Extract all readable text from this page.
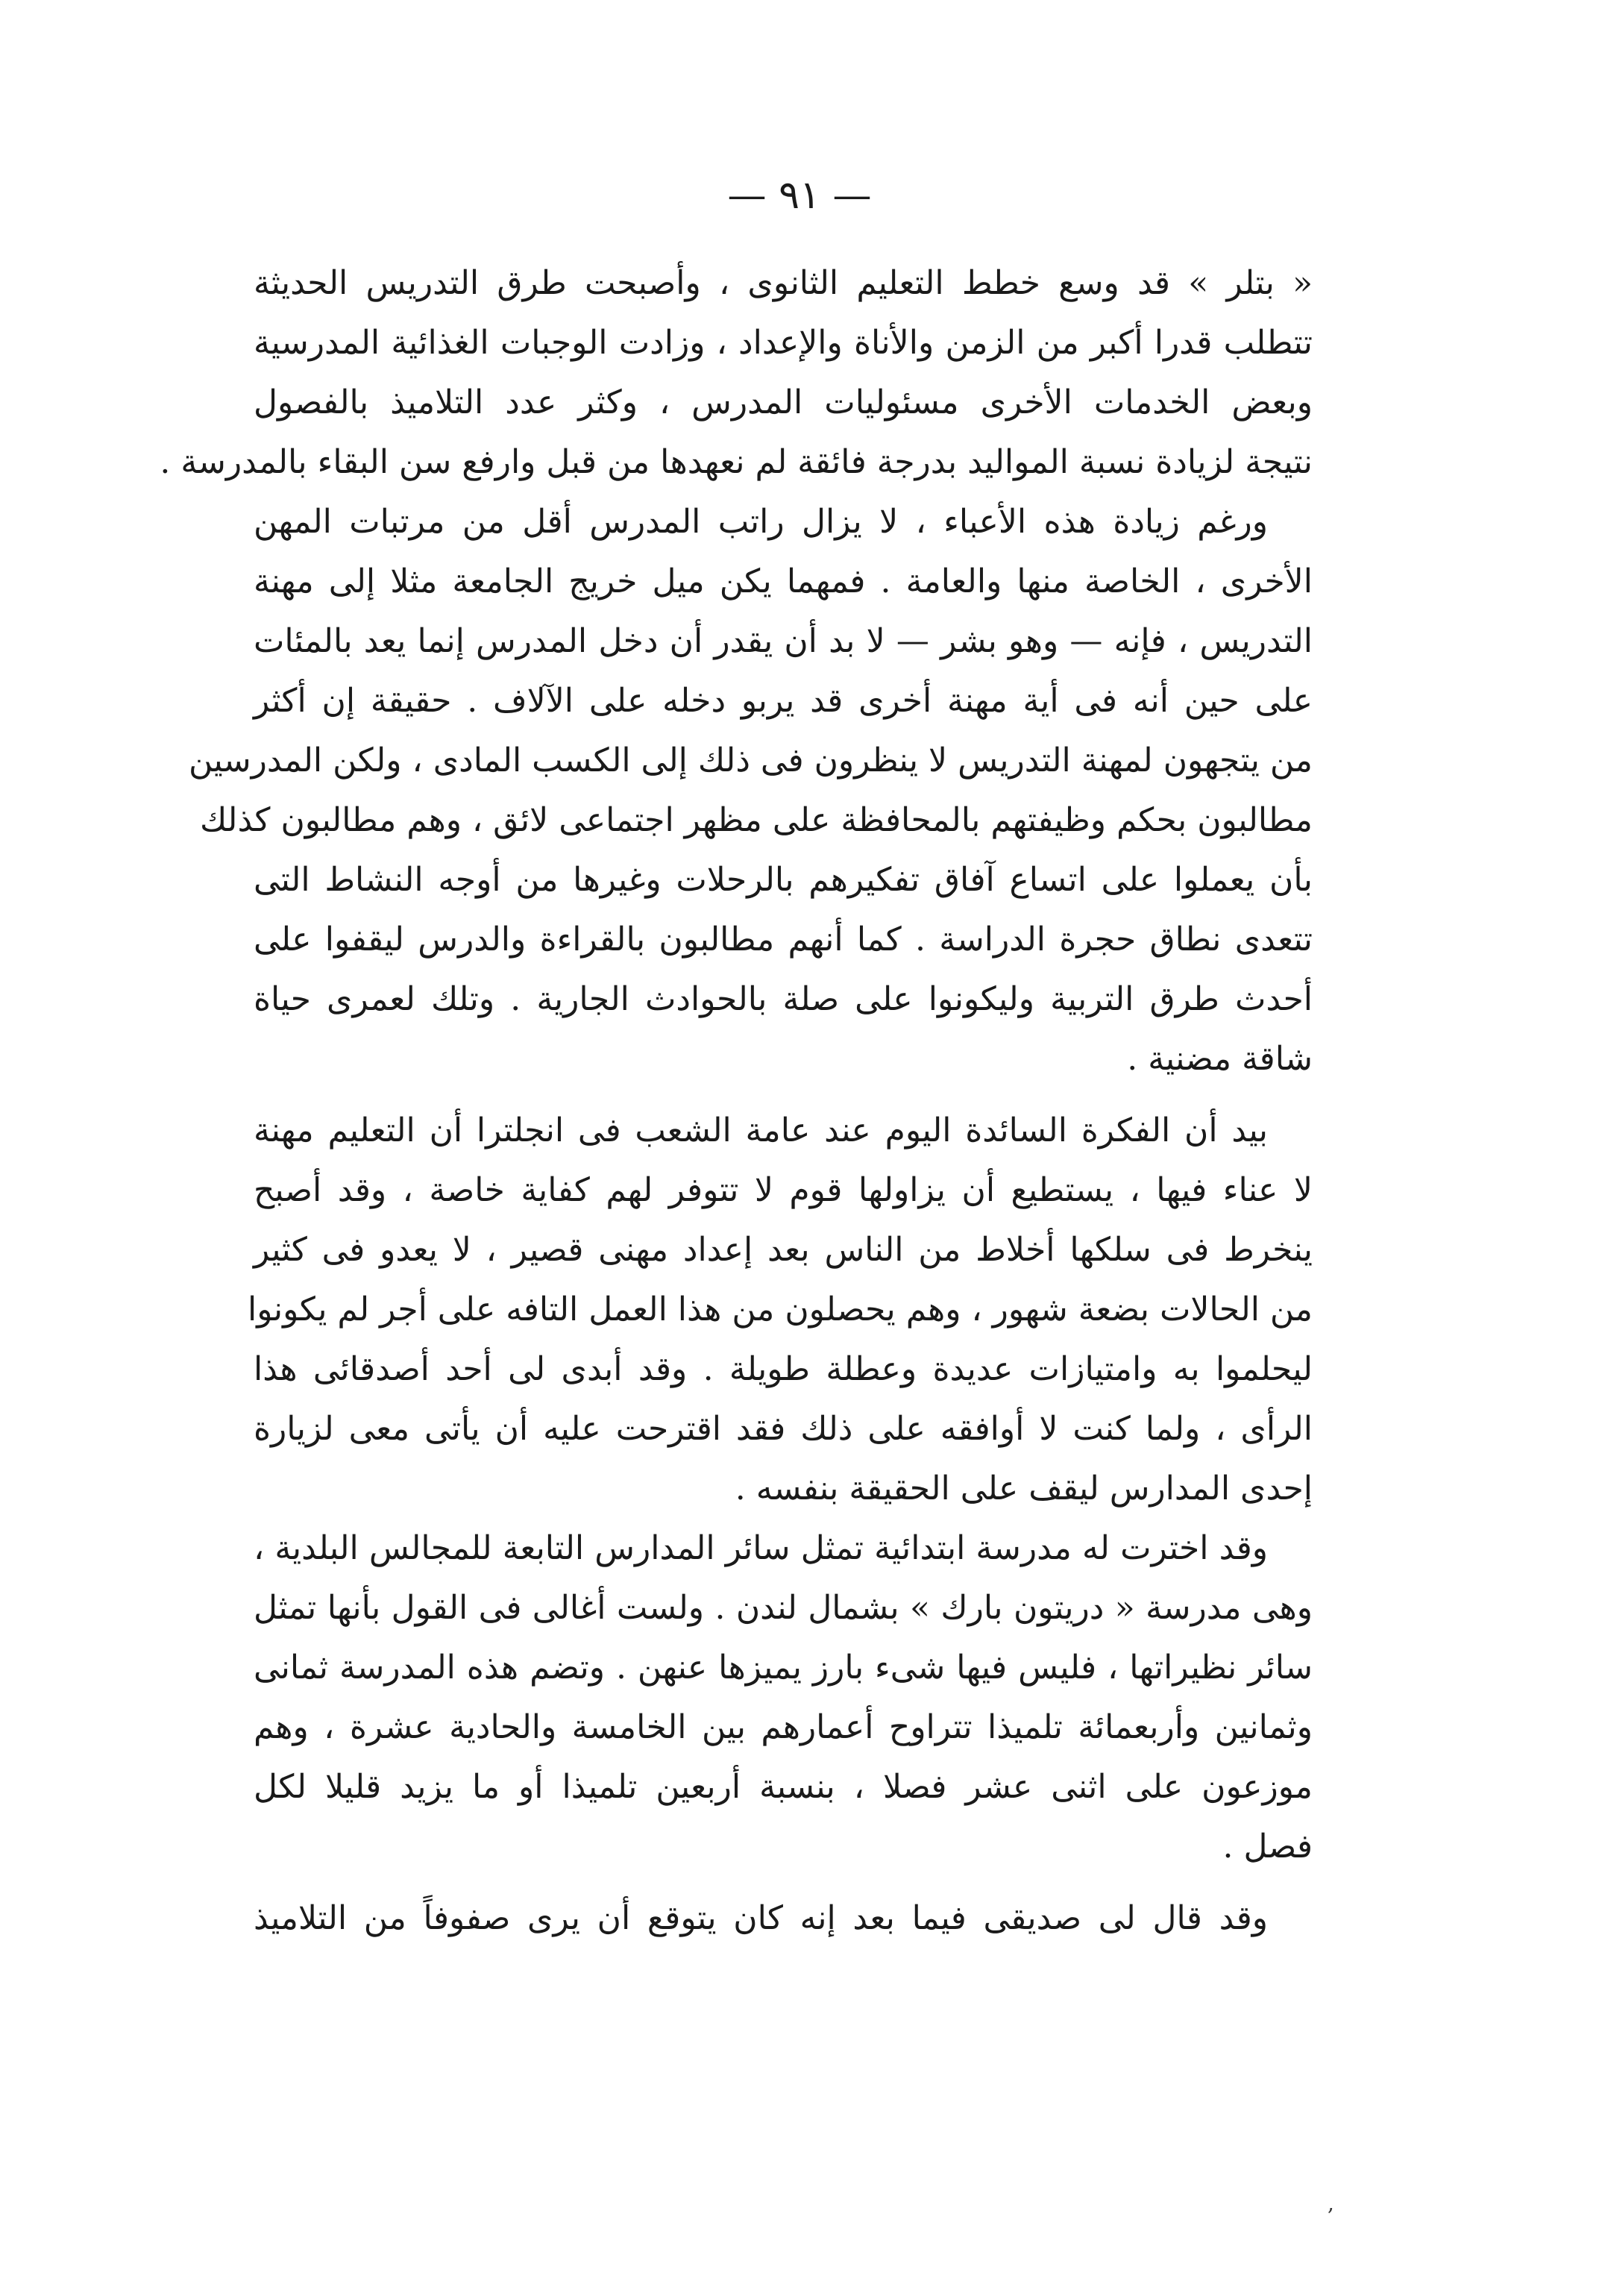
— ٩١ —
« بتلر » قد وسع خطط التعليم الثانوى ، وأصبحت طرق التدريس الحديثة
تتطلب قدرا أكبر من الزمن والأناة والإعداد ، وزادت الوجبات الغذائية المدرسية
وبعض الخدمات الأخرى مسئوليات المدرس ، وكثر عدد التلاميذ بالفصول
نتيجة لزيادة نسبة المواليد بدرجة فائقة لم نعهدها من قبل وارفع سن البقاء بالمدرسة .
ورغم زيادة هذه الأعباء ، لا يزال راتب المدرس أقل من مرتبات المهن
الأخرى ، الخاصة منها والعامة . فمهما يكن ميل خريج الجامعة مثلا إلى مهنة
التدريس ، فإنه — وهو بشر — لا بد أن يقدر أن دخل المدرس إنما يعد بالمئات
على حين أنه فى أية مهنة أخرى قد يربو دخله على الآلاف . حقيقة إن أكثر
من يتجهون لمهنة التدريس لا ينظرون فى ذلك إلى الكسب المادى ، ولكن المدرسين
مطالبون بحكم وظيفتهم بالمحافظة على مظهر اجتماعى لائق ، وهم مطالبون كذلك
بأن يعملوا على اتساع آفاق تفكيرهم بالرحلات وغيرها من أوجه النشاط التى
تتعدى نطاق حجرة الدراسة . كما أنهم مطالبون بالقراءة والدرس ليقفوا على
أحدث طرق التربية وليكونوا على صلة بالحوادث الجارية . وتلك لعمرى حياة
شاقة مضنية .
بيد أن الفكرة السائدة اليوم عند عامة الشعب فى انجلترا أن التعليم مهنة
لا عناء فيها ، يستطيع أن يزاولها قوم لا تتوفر لهم كفاية خاصة ، وقد أصبح
ينخرط فى سلكها أخلاط من الناس بعد إعداد مهنى قصير ، لا يعدو فى كثير
من الحالات بضعة شهور ، وهم يحصلون من هذا العمل التافه على أجر لم يكونوا
ليحلموا به وامتيازات عديدة وعطلة طويلة . وقد أبدى لى أحد أصدقائى هذا
الرأى ، ولما كنت لا أوافقه على ذلك فقد اقترحت عليه أن يأتى معى لزيارة
إحدى المدارس ليقف على الحقيقة بنفسه .
وقد اخترت له مدرسة ابتدائية تمثل سائر المدارس التابعة للمجالس البلدية ،
وهى مدرسة « دريتون بارك » بشمال لندن . ولست أغالى فى القول بأنها تمثل
سائر نظيراتها ، فليس فيها شىء بارز يميزها عنهن . وتضم هذه المدرسة ثمانى
وثمانين وأربعمائة تلميذا تتراوح أعمارهم بين الخامسة والحادية عشرة ، وهم
موزعون على اثنى عشر فصلا ، بنسبة أربعين تلميذا أو ما يزيد قليلا لكل
فصل .
وقد قال لى صديقى فيما بعد إنه كان يتوقع أن يرى صفوفاً من التلاميذ
,
